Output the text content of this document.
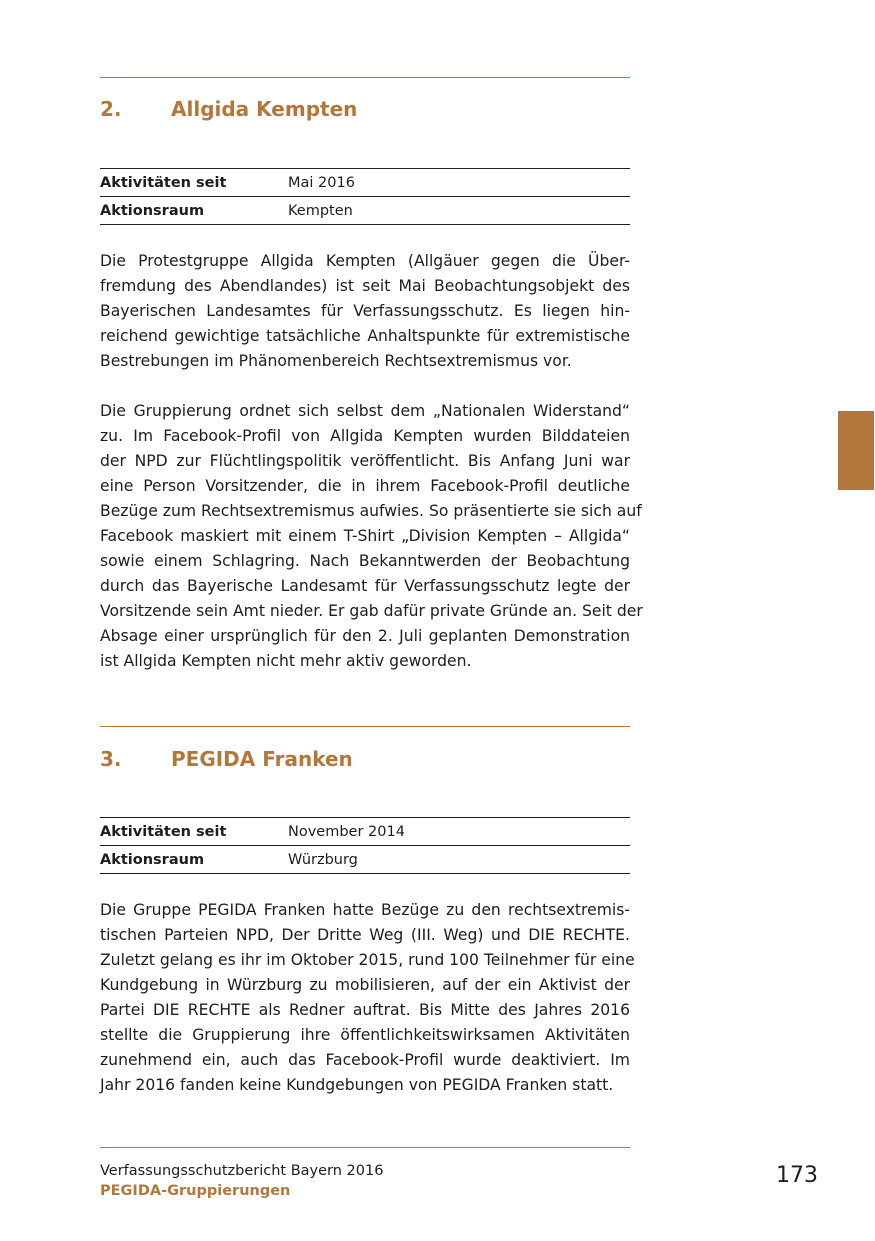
2. Allgida Kempten
Aktivitäten seit	Mai 2016
Aktionsraum	Kempten
Die Protestgruppe Allgida Kempten (Allgäuer gegen die Über-
fremdung des Abendlandes) ist seit Mai Beobachtungsobjekt des
Bayerischen Landesamtes für Verfassungsschutz. Es liegen hin-
reichend gewichtige tatsächliche Anhaltspunkte für extremistische
Bestrebungen im Phänomenbereich Rechtsextremismus vor.
Die Gruppierung ordnet sich selbst dem „Nationalen Widerstand“
zu. Im Facebook-Profil von Allgida Kempten wurden Bilddateien
der NPD zur Flüchtlingspolitik veröffentlicht. Bis Anfang Juni war
eine Person Vorsitzender, die in ihrem Facebook-Profil deutliche
Bezüge zum Rechtsextremismus aufwies. So präsentierte sie sich auf
Facebook maskiert mit einem T-Shirt „Division Kempten – Allgida“
sowie einem Schlagring. Nach Bekanntwerden der Beobachtung
durch das Bayerische Landesamt für Verfassungsschutz legte der
Vorsitzende sein Amt nieder. Er gab dafür private Gründe an. Seit der
Absage einer ursprünglich für den 2. Juli geplanten Demonstration
ist Allgida Kempten nicht mehr aktiv geworden.
3. PEGIDA Franken
Aktivitäten seit	November 2014
Aktionsraum	Würzburg
Die Gruppe PEGIDA Franken hatte Bezüge zu den rechtsextremis-
tischen Parteien NPD, Der Dritte Weg (III. Weg) und DIE RECHTE.
Zuletzt gelang es ihr im Oktober 2015, rund 100 Teilnehmer für eine
Kundgebung in Würzburg zu mobilisieren, auf der ein Aktivist der
Partei DIE RECHTE als Redner auftrat. Bis Mitte des Jahres 2016
stellte die Gruppierung ihre öffentlichkeitswirksamen Aktivitäten
zunehmend ein, auch das Facebook-Profil wurde deaktiviert. Im
Jahr 2016 fanden keine Kundgebungen von PEGIDA Franken statt.
Verfassungsschutzbericht Bayern 2016
PEGIDA-Gruppierungen
173
